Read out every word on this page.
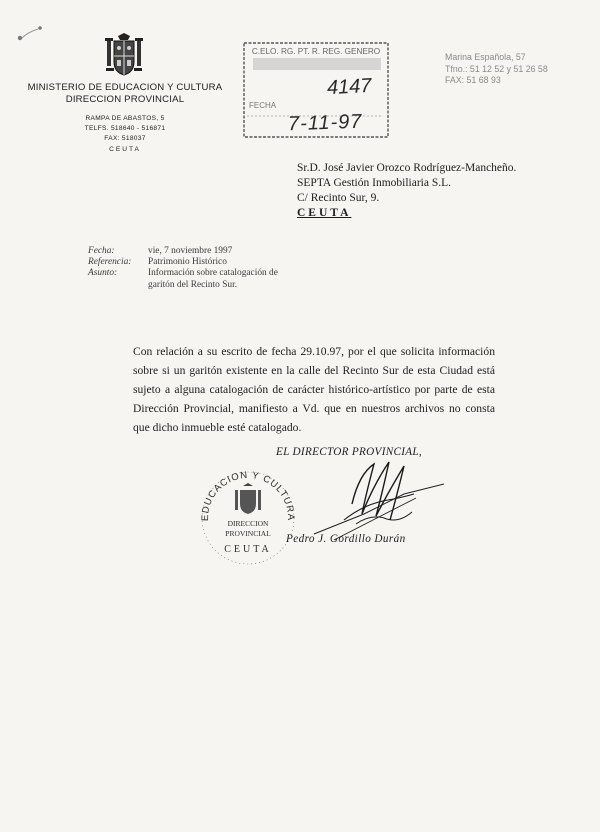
MINISTERIO DE EDUCACION Y CULTURA
DIRECCION PROVINCIAL
RAMPA DE ABASTOS, 5
TELFS. 518640 - 516871
FAX: 518037
CEUTA
C.ELO. RG. PT. R. REG. GENERO
FECHA
4147
7-11-97
Marina Española, 57
Tfno.: 51 12 52 y 51 26 58
FAX: 51 68 93
Sr.D. José Javier Orozco Rodríguez-Mancheño.
SEPTA Gestión Inmobiliaria S.L.
C/ Recinto Sur, 9.
CEUTA
Fecha:	vie, 7 noviembre 1997
Referencia:	Patrimonio Histórico
Asunto:	Información sobre catalogación de
garitón del Recinto Sur.

Con relación a su escrito de fecha 29.10.97, por el que solicita información sobre si un garitón existente en la calle del Recinto Sur de esta Ciudad está sujeto a alguna catalogación de carácter histórico-artístico por parte de esta Dirección Provincial, manifiesto a Vd. que en nuestros archivos no consta que dicho inmueble esté catalogado.

EL DIRECTOR PROVINCIAL,
EDUCACION Y CULTURA
DIRECCION
PROVINCIAL
CEUTA
Pedro J. Gordillo Durán
